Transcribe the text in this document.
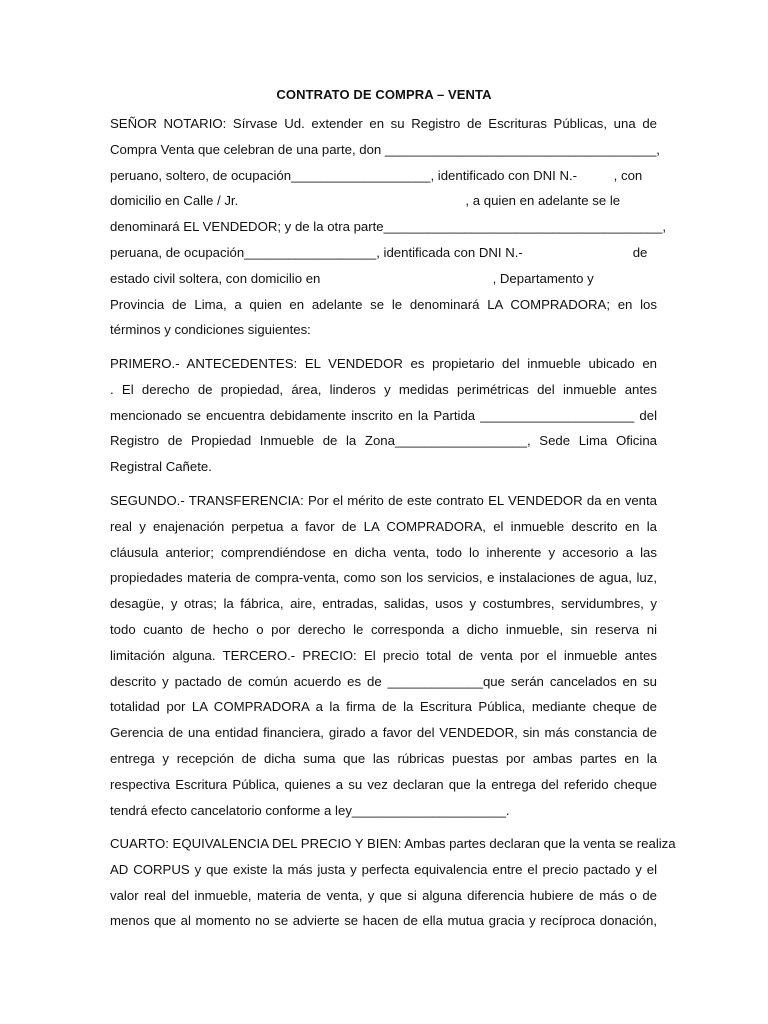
CONTRATO DE COMPRA – VENTA
SEÑOR NOTARIO: Sírvase Ud. extender en su Registro de Escrituras Públicas, una de
Compra Venta que celebran de una parte, don _____________________________________,
peruano, soltero, de ocupación___________________, identificado con DNI N.-          , con
domicilio en Calle / Jr.                                                              , a quien en adelante se le
denominará EL VENDEDOR; y de la otra parte______________________________________,
peruana, de ocupación__________________, identificada con DNI N.-                              de
estado civil soltera, con domicilio en                                               , Departamento y
Provincia de Lima, a quien en adelante se le denominará LA COMPRADORA; en los
términos y condiciones siguientes:
PRIMERO.- ANTECEDENTES: EL VENDEDOR es propietario del inmueble ubicado en
. El derecho de propiedad, área, linderos y medidas perimétricas del inmueble antes
mencionado se encuentra debidamente inscrito en la Partida _____________________ del
Registro de Propiedad Inmueble de la Zona__________________, Sede Lima Oficina
Registral Cañete.
SEGUNDO.- TRANSFERENCIA: Por el mérito de este contrato EL VENDEDOR da en venta
real y enajenación perpetua a favor de LA COMPRADORA, el inmueble descrito en la
cláusula anterior; comprendiéndose en dicha venta, todo lo inherente y accesorio a las
propiedades materia de compra-venta, como son los servicios, e instalaciones de agua, luz,
desagüe, y otras; la fábrica, aire, entradas, salidas, usos y costumbres, servidumbres, y
todo cuanto de hecho o por derecho le corresponda a dicho inmueble, sin reserva ni
limitación alguna. TERCERO.- PRECIO: El precio total de venta por el inmueble antes
descrito y pactado de común acuerdo es de _____________que serán cancelados en su
totalidad por LA COMPRADORA a la firma de la Escritura Pública, mediante cheque de
Gerencia de una entidad financiera, girado a favor del VENDEDOR, sin más constancia de
entrega y recepción de dicha suma que las rúbricas puestas por ambas partes en la
respectiva Escritura Pública, quienes a su vez declaran que la entrega del referido cheque
tendrá efecto cancelatorio conforme a ley_____________________.
CUARTO: EQUIVALENCIA DEL PRECIO Y BIEN: Ambas partes declaran que la venta se realiza
AD CORPUS y que existe la más justa y perfecta equivalencia entre el precio pactado y el
valor real del inmueble, materia de venta, y que si alguna diferencia hubiere de más o de
menos que al momento no se advierte se hacen de ella mutua gracia y recíproca donación,
